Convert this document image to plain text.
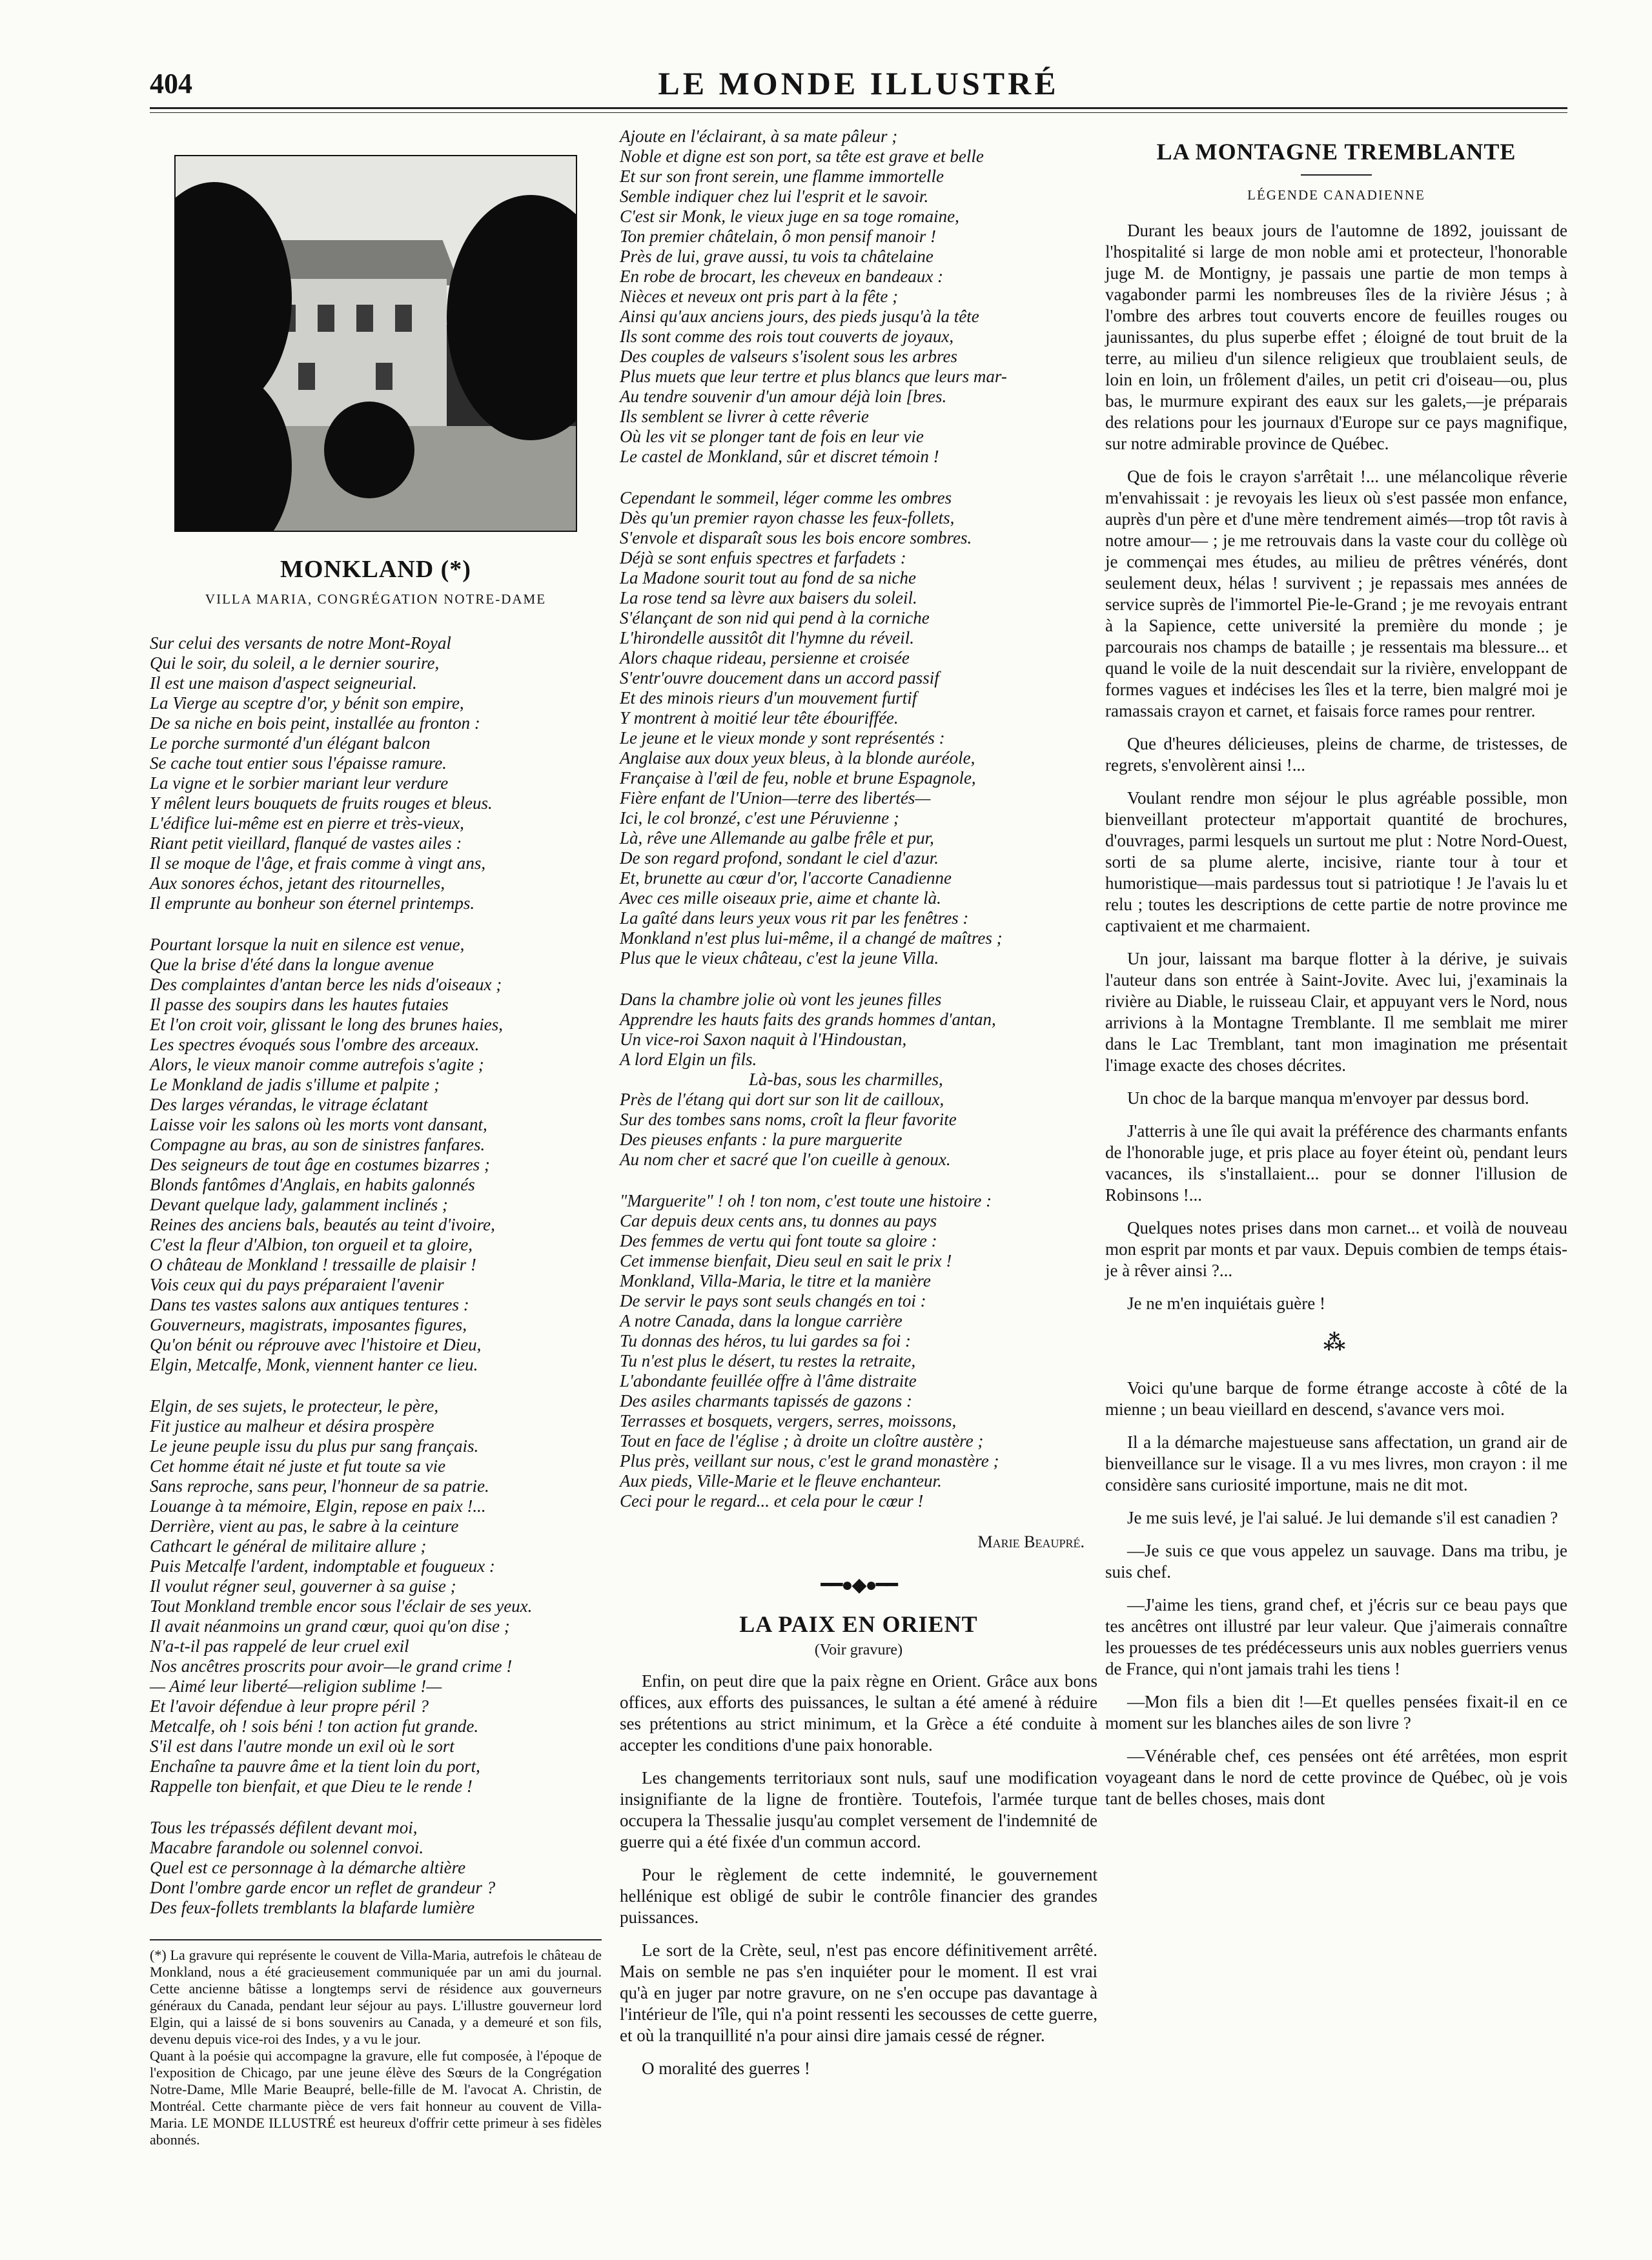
404	LE MONDE ILLUSTRÉ
MONKLAND (*)
VILLA MARIA, CONGRÉGATION NOTRE-DAME
Sur celui des versants de notre Mont-Royal
Qui le soir, du soleil, a le dernier sourire,
Il est une maison d'aspect seigneurial.
La Vierge au sceptre d'or, y bénit son empire,
De sa niche en bois peint, installée au fronton :
Le porche surmonté d'un élégant balcon
Se cache tout entier sous l'épaisse ramure.
La vigne et le sorbier mariant leur verdure
Y mêlent leurs bouquets de fruits rouges et bleus.
L'édifice lui-même est en pierre et très-vieux,
Riant petit vieillard, flanqué de vastes ailes :
Il se moque de l'âge, et frais comme à vingt ans,
Aux sonores échos, jetant des ritournelles,
Il emprunte au bonheur son éternel printemps.
Pourtant lorsque la nuit en silence est venue,
Que la brise d'été dans la longue avenue
Des complaintes d'antan berce les nids d'oiseaux ;
Il passe des soupirs dans les hautes futaies
Et l'on croit voir, glissant le long des brunes haies,
Les spectres évoqués sous l'ombre des arceaux.
Alors, le vieux manoir comme autrefois s'agite ;
Le Monkland de jadis s'illume et palpite ;
Des larges vérandas, le vitrage éclatant
Laisse voir les salons où les morts vont dansant,
Compagne au bras, au son de sinistres fanfares.
Des seigneurs de tout âge en costumes bizarres ;
Blonds fantômes d'Anglais, en habits galonnés
Devant quelque lady, galamment inclinés ;
Reines des anciens bals, beautés au teint d'ivoire,
C'est la fleur d'Albion, ton orgueil et ta gloire,
O château de Monkland ! tressaille de plaisir !
Vois ceux qui du pays préparaient l'avenir
Dans tes vastes salons aux antiques tentures :
Gouverneurs, magistrats, imposantes figures,
Qu'on bénit ou réprouve avec l'histoire et Dieu,
Elgin, Metcalfe, Monk, viennent hanter ce lieu.
Elgin, de ses sujets, le protecteur, le père,
Fit justice au malheur et désira prospère
Le jeune peuple issu du plus pur sang français.
Cet homme était né juste et fut toute sa vie
Sans reproche, sans peur, l'honneur de sa patrie.
Louange à ta mémoire, Elgin, repose en paix !...
Derrière, vient au pas, le sabre à la ceinture
Cathcart le général de militaire allure ;
Puis Metcalfe l'ardent, indomptable et fougueux :
Il voulut régner seul, gouverner à sa guise ;
Tout Monkland tremble encor sous l'éclair de ses yeux.
Il avait néanmoins un grand cœur, quoi qu'on dise ;
N'a-t-il pas rappelé de leur cruel exil
Nos ancêtres proscrits pour avoir—le grand crime !
— Aimé leur liberté—religion sublime !—
Et l'avoir défendue à leur propre péril ?
Metcalfe, oh ! sois béni ! ton action fut grande.
S'il est dans l'autre monde un exil où le sort
Enchaîne ta pauvre âme et la tient loin du port,
Rappelle ton bienfait, et que Dieu te le rende !
Tous les trépassés défilent devant moi,
Macabre farandole ou solennel convoi.
Quel est ce personnage à la démarche altière
Dont l'ombre garde encor un reflet de grandeur ?
Des feux-follets tremblants la blafarde lumière

(*) La gravure qui représente le couvent de Villa-Maria, autrefois le château de Monkland, nous a été gracieusement communiquée par un ami du journal. Cette ancienne bâtisse a longtemps servi de résidence aux gouverneurs généraux du Canada, pendant leur séjour au pays. L'illustre gouverneur lord Elgin, qui a laissé de si bons souvenirs au Canada, y a demeuré et son fils, devenu depuis vice-roi des Indes, y a vu le jour.

Quant à la poésie qui accompagne la gravure, elle fut composée, à l'époque de l'exposition de Chicago, par une jeune élève des Sœurs de la Congrégation Notre-Dame, Mlle Marie Beaupré, belle-fille de M. l'avocat A. Christin, de Montréal. Cette charmante pièce de vers fait honneur au couvent de Villa-Maria. LE MONDE ILLUSTRÉ est heureux d'offrir cette primeur à ses fidèles abonnés.

Ajoute en l'éclairant, à sa mate pâleur ;
Noble et digne est son port, sa tête est grave et belle
Et sur son front serein, une flamme immortelle
Semble indiquer chez lui l'esprit et le savoir.
C'est sir Monk, le vieux juge en sa toge romaine,
Ton premier châtelain, ô mon pensif manoir !
Près de lui, grave aussi, tu vois ta châtelaine
En robe de brocart, les cheveux en bandeaux :
Nièces et neveux ont pris part à la fête ;
Ainsi qu'aux anciens jours, des pieds jusqu'à la tête
Ils sont comme des rois tout couverts de joyaux,
Des couples de valseurs s'isolent sous les arbres
Plus muets que leur tertre et plus blancs que leurs mar-
Au tendre souvenir d'un amour déjà loin [bres.
Ils semblent se livrer à cette rêverie
Où les vit se plonger tant de fois en leur vie
Le castel de Monkland, sûr et discret témoin !
Cependant le sommeil, léger comme les ombres
Dès qu'un premier rayon chasse les feux-follets,
S'envole et disparaît sous les bois encore sombres.
Déjà se sont enfuis spectres et farfadets :
La Madone sourit tout au fond de sa niche
La rose tend sa lèvre aux baisers du soleil.
S'élançant de son nid qui pend à la corniche
L'hirondelle aussitôt dit l'hymne du réveil.
Alors chaque rideau, persienne et croisée
S'entr'ouvre doucement dans un accord passif
Et des minois rieurs d'un mouvement furtif
Y montrent à moitié leur tête ébouriffée.
Le jeune et le vieux monde y sont représentés :
Anglaise aux doux yeux bleus, à la blonde auréole,
Française à l'œil de feu, noble et brune Espagnole,
Fière enfant de l'Union—terre des libertés—
Ici, le col bronzé, c'est une Péruvienne ;
Là, rêve une Allemande au galbe frêle et pur,
De son regard profond, sondant le ciel d'azur.
Et, brunette au cœur d'or, l'accorte Canadienne
Avec ces mille oiseaux prie, aime et chante là.
La gaîté dans leurs yeux vous rit par les fenêtres :
Monkland n'est plus lui-même, il a changé de maîtres ;
Plus que le vieux château, c'est la jeune Villa.
Dans la chambre jolie où vont les jeunes filles
Apprendre les hauts faits des grands hommes d'antan,
Un vice-roi Saxon naquit à l'Hindoustan,
A lord Elgin un fils.
Là-bas, sous les charmilles,
Près de l'étang qui dort sur son lit de cailloux,
Sur des tombes sans noms, croît la fleur favorite
Des pieuses enfants : la pure marguerite
Au nom cher et sacré que l'on cueille à genoux.
"Marguerite" ! oh ! ton nom, c'est toute une histoire :
Car depuis deux cents ans, tu donnes au pays
Des femmes de vertu qui font toute sa gloire :
Cet immense bienfait, Dieu seul en sait le prix !
Monkland, Villa-Maria, le titre et la manière
De servir le pays sont seuls changés en toi :
A notre Canada, dans la longue carrière
Tu donnas des héros, tu lui gardes sa foi :
Tu n'est plus le désert, tu restes la retraite,
L'abondante feuillée offre à l'âme distraite
Des asiles charmants tapissés de gazons :
Terrasses et bosquets, vergers, serres, moissons,
Tout en face de l'église ; à droite un cloître austère ;
Plus près, veillant sur nous, c'est le grand monastère ;
Aux pieds, Ville-Marie et le fleuve enchanteur.
Ceci pour le regard... et cela pour le cœur !
Marie Beaupré.
━━●◆●━━
LA PAIX EN ORIENT
(Voir gravure)

Enfin, on peut dire que la paix règne en Orient. Grâce aux bons offices, aux efforts des puissances, le sultan a été amené à réduire ses prétentions au strict minimum, et la Grèce a été conduite à accepter les conditions d'une paix honorable.

Les changements territoriaux sont nuls, sauf une modification insignifiante de la ligne de frontière. Toutefois, l'armée turque occupera la Thessalie jusqu'au complet versement de l'indemnité de guerre qui a été fixée d'un commun accord.

Pour le règlement de cette indemnité, le gouvernement hellénique est obligé de subir le contrôle financier des grandes puissances.

Le sort de la Crète, seul, n'est pas encore définitivement arrêté. Mais on semble ne pas s'en inquiéter pour le moment. Il est vrai qu'à en juger par notre gravure, on ne s'en occupe pas davantage à l'intérieur de l'île, qui n'a point ressenti les secousses de cette guerre, et où la tranquillité n'a pour ainsi dire jamais cessé de régner.

O moralité des guerres !

LA MONTAGNE TREMBLANTE
LÉGENDE CANADIENNE

Durant les beaux jours de l'automne de 1892, jouissant de l'hospitalité si large de mon noble ami et protecteur, l'honorable juge M. de Montigny, je passais une partie de mon temps à vagabonder parmi les nombreuses îles de la rivière Jésus ; à l'ombre des arbres tout couverts encore de feuilles rouges ou jaunissantes, du plus superbe effet ; éloigné de tout bruit de la terre, au milieu d'un silence religieux que troublaient seuls, de loin en loin, un frôlement d'ailes, un petit cri d'oiseau—ou, plus bas, le murmure expirant des eaux sur les galets,—je préparais des relations pour les journaux d'Europe sur ce pays magnifique, sur notre admirable province de Québec.

Que de fois le crayon s'arrêtait !... une mélancolique rêverie m'envahissait : je revoyais les lieux où s'est passée mon enfance, auprès d'un père et d'une mère tendrement aimés—trop tôt ravis à notre amour— ; je me retrouvais dans la vaste cour du collège où je commençai mes études, au milieu de prêtres vénérés, dont seulement deux, hélas ! survivent ; je repassais mes années de service suprès de l'immortel Pie-le-Grand ; je me revoyais entrant à la Sapience, cette université la première du monde ; je parcourais nos champs de bataille ; je ressentais ma blessure... et quand le voile de la nuit descendait sur la rivière, enveloppant de formes vagues et indécises les îles et la terre, bien malgré moi je ramassais crayon et carnet, et faisais force rames pour rentrer.

Que d'heures délicieuses, pleins de charme, de tristesses, de regrets, s'envolèrent ainsi !...

Voulant rendre mon séjour le plus agréable possible, mon bienveillant protecteur m'apportait quantité de brochures, d'ouvrages, parmi lesquels un surtout me plut : Notre Nord-Ouest, sorti de sa plume alerte, incisive, riante tour à tour et humoristique—mais pardessus tout si patriotique ! Je l'avais lu et relu ; toutes les descriptions de cette partie de notre province me captivaient et me charmaient.

Un jour, laissant ma barque flotter à la dérive, je suivais l'auteur dans son entrée à Saint-Jovite. Avec lui, j'examinais la rivière au Diable, le ruisseau Clair, et appuyant vers le Nord, nous arrivions à la Montagne Tremblante. Il me semblait me mirer dans le Lac Tremblant, tant mon imagination me présentait l'image exacte des choses décrites.

Un choc de la barque manqua m'envoyer par dessus bord.

J'atterris à une île qui avait la préférence des charmants enfants de l'honorable juge, et pris place au foyer éteint où, pendant leurs vacances, ils s'installaient... pour se donner l'illusion de Robinsons !...

Quelques notes prises dans mon carnet... et voilà de nouveau mon esprit par monts et par vaux. Depuis combien de temps étais-je à rêver ainsi ?...

Je ne m'en inquiétais guère !

⁂

Voici qu'une barque de forme étrange accoste à côté de la mienne ; un beau vieillard en descend, s'avance vers moi.

Il a la démarche majestueuse sans affectation, un grand air de bienveillance sur le visage. Il a vu mes livres, mon crayon : il me considère sans curiosité importune, mais ne dit mot.

Je me suis levé, je l'ai salué. Je lui demande s'il est canadien ?

—Je suis ce que vous appelez un sauvage. Dans ma tribu, je suis chef.

—J'aime les tiens, grand chef, et j'écris sur ce beau pays que tes ancêtres ont illustré par leur valeur. Que j'aimerais connaître les prouesses de tes prédécesseurs unis aux nobles guerriers venus de France, qui n'ont jamais trahi les tiens !

—Mon fils a bien dit !—Et quelles pensées fixait-il en ce moment sur les blanches ailes de son livre ?

—Vénérable chef, ces pensées ont été arrêtées, mon esprit voyageant dans le nord de cette province de Québec, où je vois tant de belles choses, mais dont
